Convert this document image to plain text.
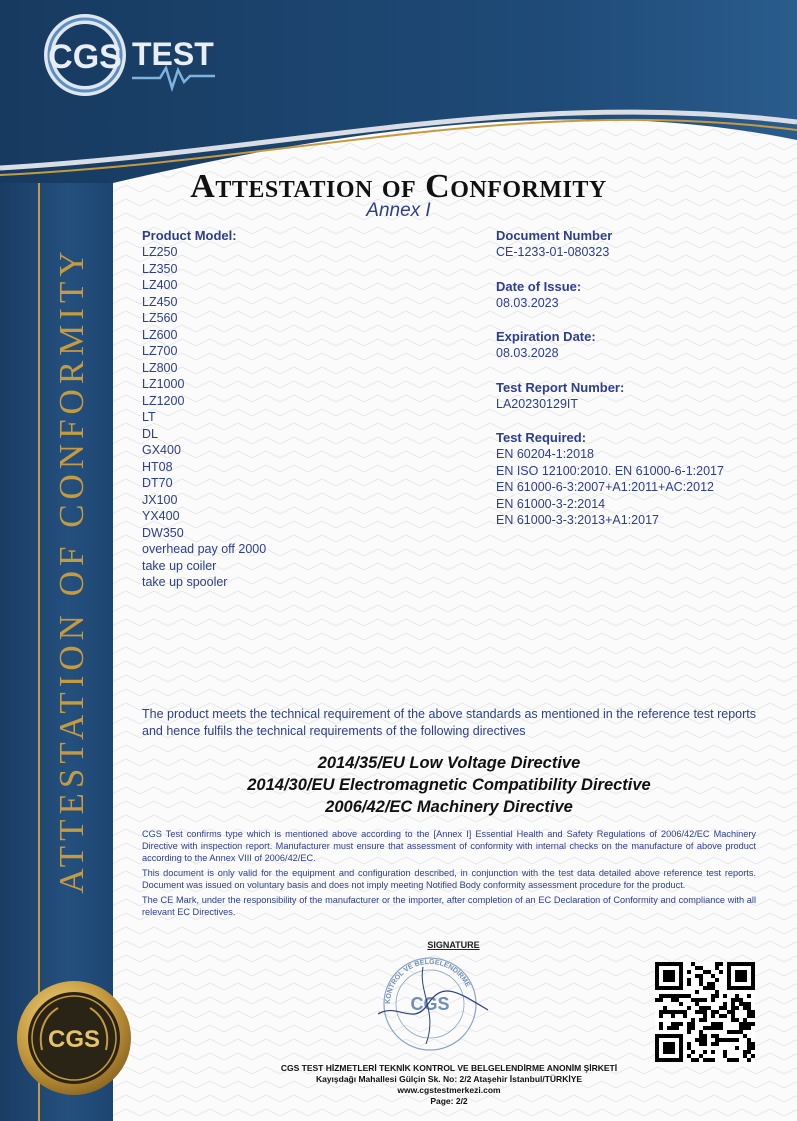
CGS TEST
ATTESTATION OF CONFORMITY
Attestation of Conformity
Annex I
Product Model:
LZ250
LZ350
LZ400
LZ450
LZ560
LZ600
LZ700
LZ800
LZ1000
LZ1200
LT
DL
GX400
HT08
DT70
JX100
YX400
DW350
overhead pay off 2000
take up coiler
take up spooler
Document Number
CE-1233-01-080323
Date of Issue:
08.03.2023
Expiration Date:
08.03.2028
Test Report Number:
LA20230129IT
Test Required:
EN 60204-1:2018
EN ISO 12100:2010. EN 61000-6-1:2017
EN 61000-6-3:2007+A1:2011+AC:2012
EN 61000-3-2:2014
EN 61000-3-3:2013+A1:2017
The product meets the technical requirement of the above standards as mentioned in the reference test reports and hence fulfils the technical requirements of the following directives
2014/35/EU Low Voltage Directive
2014/30/EU Electromagnetic Compatibility Directive
2006/42/EC Machinery Directive

CGS Test confirms type which is mentioned above according to the [Annex I] Essential Health and Safety Regulations of 2006/42/EC Machinery Directive with inspection report. Manufacturer must ensure that assessment of conformity with internal checks on the manufacture of above product according to the Annex VIII of 2006/42/EC.

This document is only valid for the equipment and configuration described, in conjunction with the test data detailed above reference test reports. Document was issued on voluntary basis and does not imply meeting Notified Body conformity assessment procedure for the product.

The CE Mark, under the responsibility of the manufacturer or the importer, after completion of an EC Declaration of Conformity and compliance with all relevant EC Directives.

SIGNATURE
KONTROL VE BELGELENDİRME
CGS
CGS
CGS TEST HİZMETLERİ TEKNİK KONTROL VE BELGELENDİRME ANONİM ŞİRKETİ
Kayışdağı Mahallesi Gülçin Sk. No: 2/2 Ataşehir İstanbul/TÜRKİYE
www.cgstestmerkezi.com
Page: 2/2
